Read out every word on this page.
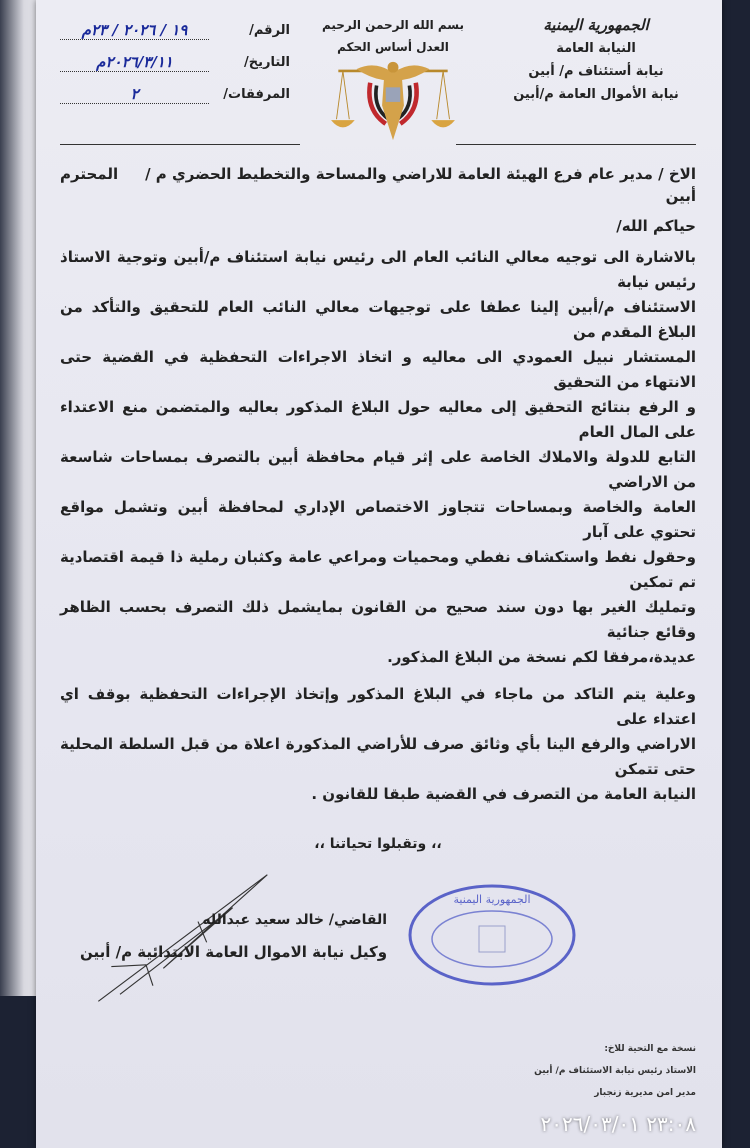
الجمهورية اليمنية
النيابة العامة
نيابة أستئناف م/ أبين
نيابة الأموال العامة م/أبين
بسم الله الرحمن الرحيم
العدل أساس الحكم
الرقم/
١٩ / ٢٠٢٦ / ٢٣م
التاريخ/
٢٠٢٦/٣/١١م
المرفقات/
٢
الاخ / مدير عام فرع الهيئة العامة للاراضي والمساحة والتخطيط الحضري م / أبين
المحترم
حياكم الله/
بالاشارة الى توجيه معالي النائب العام الى رئيس نيابة استئناف م/أبين وتوجية الاستاذ رئيس نيابة
الاستئناف م/أبين إلينا عطفا على توجيهات معالي النائب العام للتحقيق والتأكد من البلاغ المقدم من
المستشار نبيل العمودي الى معاليه و اتخاذ الاجراءات التحفظية في القضية حتى الانتهاء من التحقيق
و الرفع بنتائج التحقيق إلى معاليه حول البلاغ المذكور بعاليه والمتضمن منع الاعتداء على المال العام
التابع للدولة والاملاك الخاصة على إثر قيام محافظة أبين بالتصرف بمساحات شاسعة من الاراضي
العامة والخاصة وبمساحات تتجاوز الاختصاص الإداري لمحافظة أبين وتشمل مواقع تحتوي على آبار
وحقول نفط واستكشاف نفطي ومحميات ومراعي عامة وكثبان رملية ذا قيمة اقتصادية تم تمكين
وتمليك الغير بها دون سند صحيح من القانون بمايشمل ذلك التصرف بحسب الظاهر وقائع جنائية
عديدة،مرفقا لكم نسخة من البلاغ المذكور.
وعلية يتم التاكد من ماجاء في البلاغ المذكور وإتخاذ الإجراءات التحفظية بوقف اي اعتداء على
الاراضي والرفع الينا بأي وثائق صرف للأراضي المذكورة اعلاة من قبل السلطة المحلية حتى تتمكن
النيابة العامة من التصرف في القضية طبقا للقانون .
،، وتقبلوا تحياتنا ،،
القاضي/ خالد سعيد عبدالله
وكيل نيابة الاموال العامة الابتدائية م/ أبين
الجمهورية اليمنية
نسخة مع التحية للاخ:
الاستاذ رئيس نيابة الاستئناف م/ أبين
مدير امن مديرية زنجبار
٢٣:٠٨ ٢٠٢٦/٠٣/٠١
